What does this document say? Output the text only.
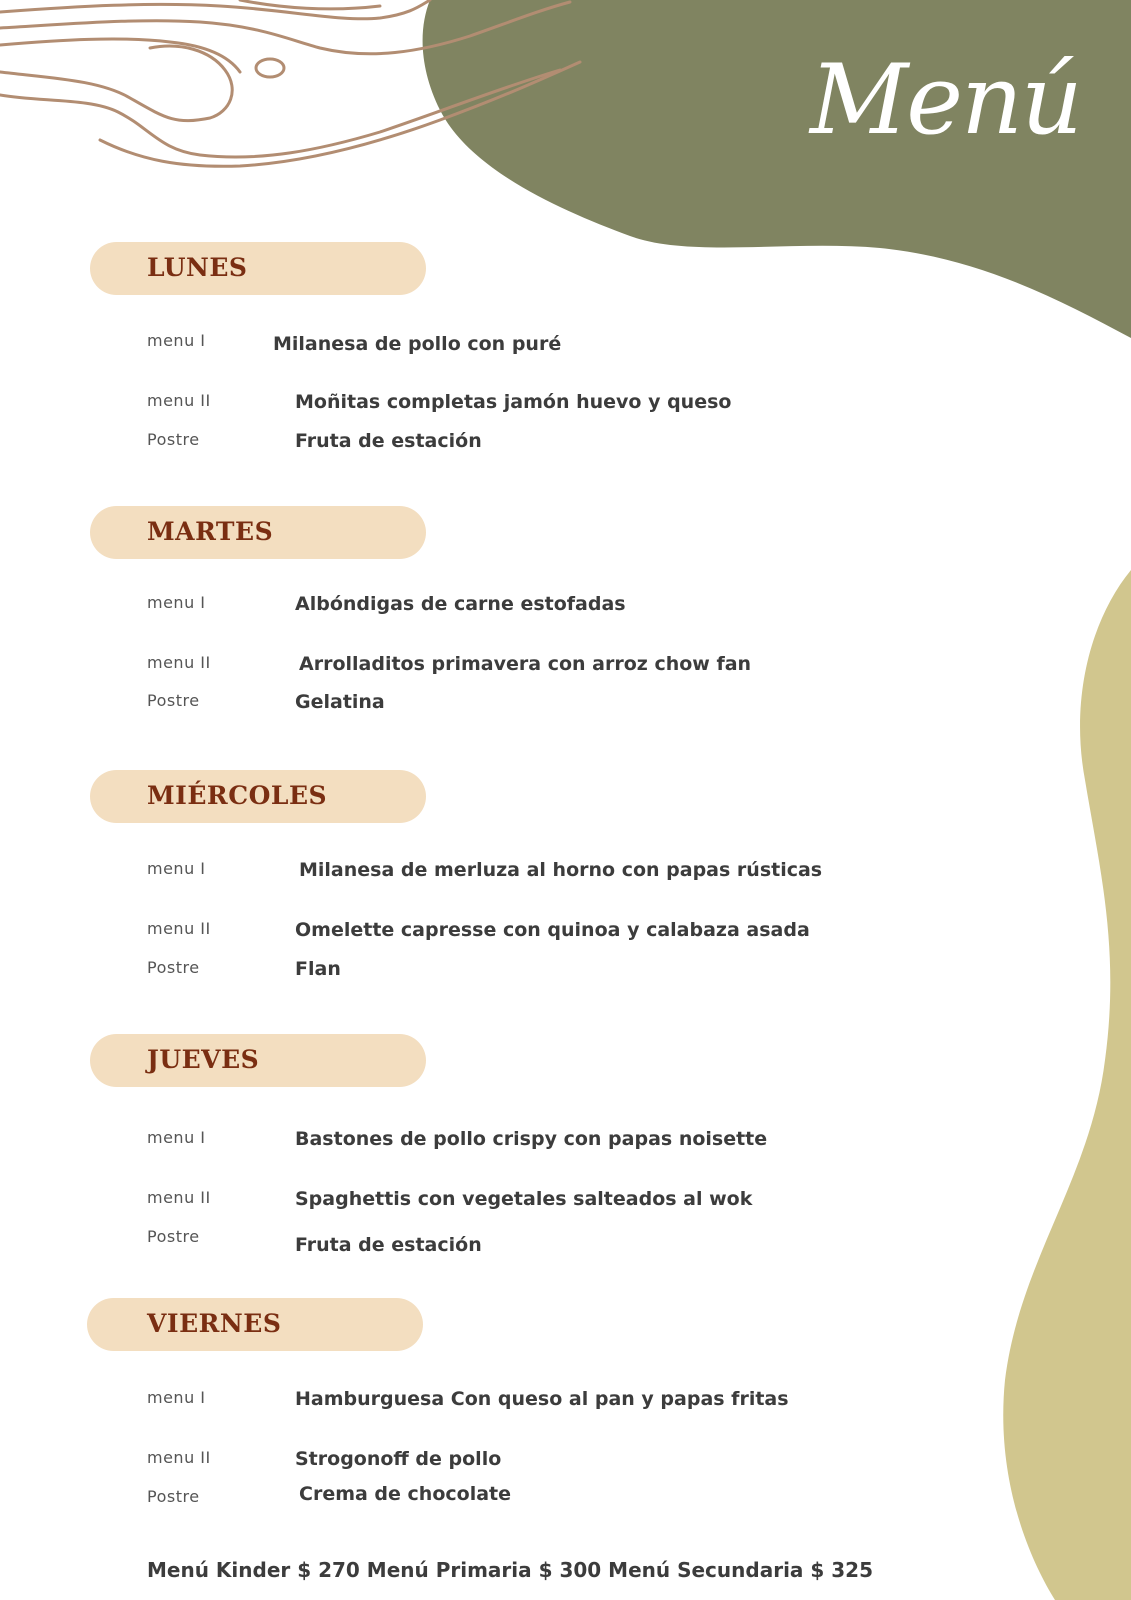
Menú
LUNES
menu I	Milanesa de pollo con puré
menu II	Moñitas completas jamón huevo y queso
Postre	Fruta de estación
MARTES
menu I	Albóndigas de carne estofadas
menu II	Arrolladitos primavera con arroz chow fan
Postre	Gelatina
MIÉRCOLES
menu I	Milanesa de merluza al horno con papas rústicas
menu II	Omelette capresse con quinoa y calabaza asada
Postre	Flan
JUEVES
menu I	Bastones de pollo crispy con papas noisette
menu II	Spaghettis con vegetales salteados al wok
Postre	Fruta de estación
VIERNES
menu I	Hamburguesa Con queso al pan y papas fritas
menu II	Strogonoff de pollo
Postre	Crema de chocolate
Menú Kinder $ 270 Menú Primaria $ 300 Menú Secundaria $ 325
